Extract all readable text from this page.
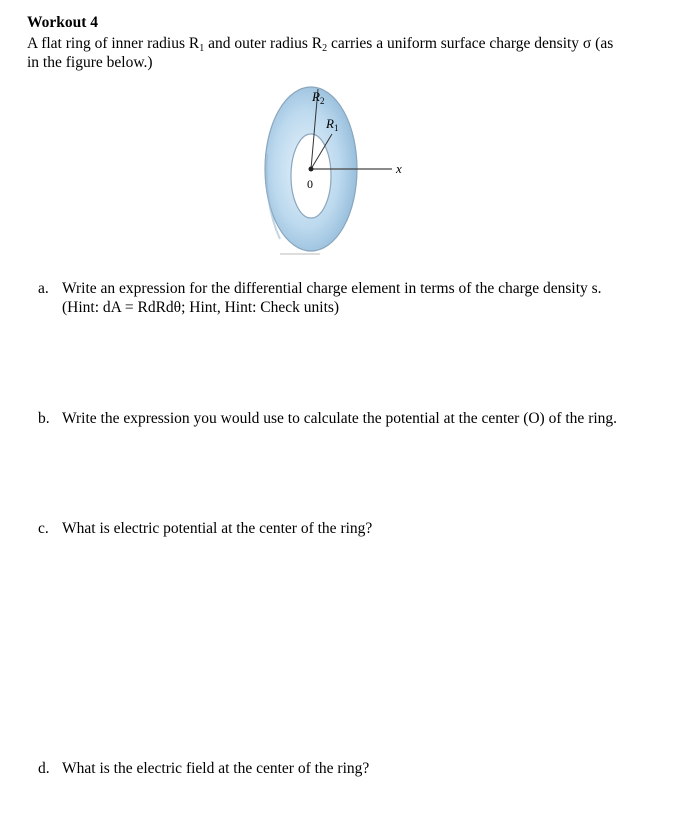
Workout 4
A flat ring of inner radius $R_1$ and outer radius $R_2$ carries a uniform surface charge density σ (as
in the figure below.)
$R_2$
$R_1$
x
0
a. Write an expression for the differential charge element in terms of the charge density s.
(Hint: dA = RdRdθ; Hint, Hint: Check units)
b. Write the expression you would use to calculate the potential at the center (O) of the ring.
c. What is electric potential at the center of the ring?
d. What is the electric field at the center of the ring?
